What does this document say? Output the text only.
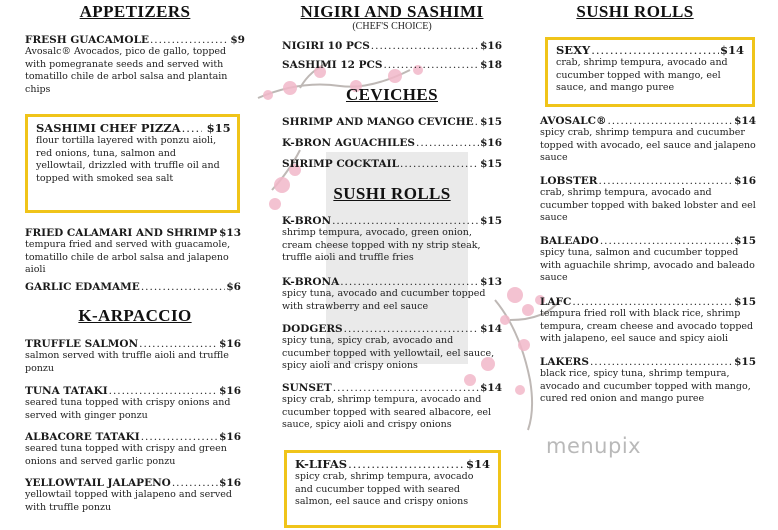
menupix
APPETIZERS
FRESH GUACAMOLE .....	$9
Avosalc® Avocados, pico de gallo, topped
with pomegranate seeds and served with
tomatillo chile de arbol salsa and plantain
chips
SASHIMI CHEF PIZZA ..... $15
flour tortilla layered with ponzu aioli,
red onions, tuna, salmon and
yellowtail, drizzled with truffle oil and
topped with smoked sea salt
FRIED CALAMARI AND SHRIMP $13
tempura fried and served with guacamole,
tomatillo chile de arbol salsa and jalapeno
aioli
GARLIC EDAMAME .....	$6
K-ARPACCIO
TRUFFLE SALMON .....	$16
salmon served with truffle aioli and truffle
ponzu
TUNA TATAKI .....	$16
seared tuna topped with crispy onions and
served with ginger ponzu
ALBACORE TATAKI .....	$16
seared tuna topped with crispy and green
onions and served garlic ponzu
YELLOWTAIL JALAPENO .....	$16
yellowtail topped with jalapeno and served
with truffle ponzu
NIGIRI AND SASHIMI
(CHEF'S CHOICE)
NIGIRI 10 PCS .....	$16
SASHIMI 12 PCS .....	$18
CEVICHES
SHRIMP AND MANGO CEVICHE ..... $15
K-BRON AGUACHILES .....	$16
SHRIMP COCKTAIL .....	$15
SUSHI ROLLS
K-BRON .....	$15
shrimp tempura, avocado, green onion,
cream cheese topped with ny strip steak,
truffle aioli and truffle fries
K-BRONA .....	$13
spicy tuna, avocado and cucumber topped
with strawberry and eel sauce
DODGERS .....	$14
spicy tuna, spicy crab, avocado and
cucumber topped with yellowtail, eel sauce,
spicy aioli and crispy onions
SUNSET .....	$14
spicy crab, shrimp tempura, avocado and
cucumber topped with seared albacore, eel
sauce, spicy aioli and crispy onions
K-LIFAS .....	$14
spicy crab, shrimp tempura, avocado
and cucumber topped with seared
salmon, eel sauce and crispy onions
SUSHI ROLLS
SEXY .....	$14
crab, shrimp tempura, avocado and
cucumber topped with mango, eel
sauce, and mango puree
AVOSALC® .....	$14
spicy crab, shrimp tempura and cucumber
topped with avocado, eel sauce and jalapeno
sauce
LOBSTER .....	$16
crab, shrimp tempura, avocado and
cucumber topped with baked lobster and eel
sauce
BALEADO .....	$15
spicy tuna, salmon and cucumber topped
with aguachile shrimp, avocado and baleado
sauce
LAFC .....	$15
tempura fried roll with black rice, shrimp
tempura, cream cheese and avocado topped
with jalapeno, eel sauce and spicy aioli
LAKERS .....	$15
black rice, spicy tuna, shrimp tempura,
avocado and cucumber topped with mango,
cured red onion and mango puree
